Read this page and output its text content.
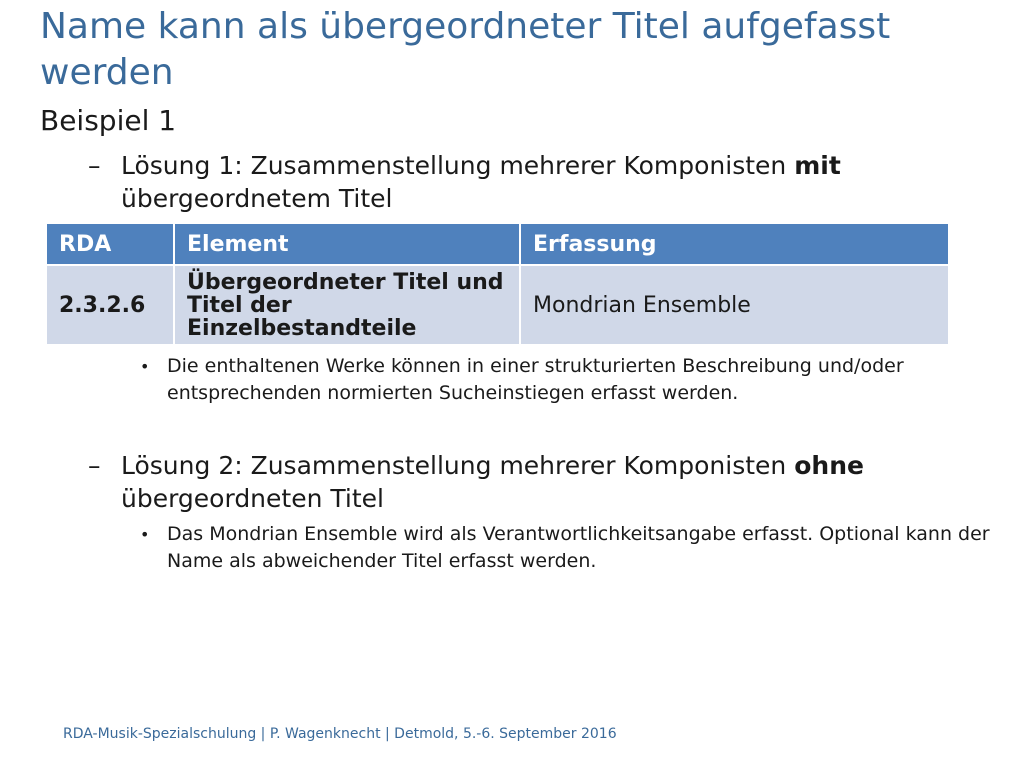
Name kann als übergeordneter Titel aufgefasst werden
Beispiel 1
– Lösung 1: Zusammenstellung mehrerer Komponisten mit übergeordnetem Titel
RDA	Element	Erfassung
2.3.2.6	Übergeordneter Titel und Titel der Einzelbestandteile	Mondrian Ensemble
• Die enthaltenen Werke können in einer strukturierten Beschreibung und/oder entsprechenden normierten Sucheinstiegen erfasst werden.
– Lösung 2: Zusammenstellung mehrerer Komponisten ohne übergeordneten Titel
• Das Mondrian Ensemble wird als Verantwortlichkeitsangabe erfasst. Optional kann der Name als abweichender Titel erfasst werden.
RDA-Musik-Spezialschulung | P. Wagenknecht | Detmold, 5.-6. September 2016
